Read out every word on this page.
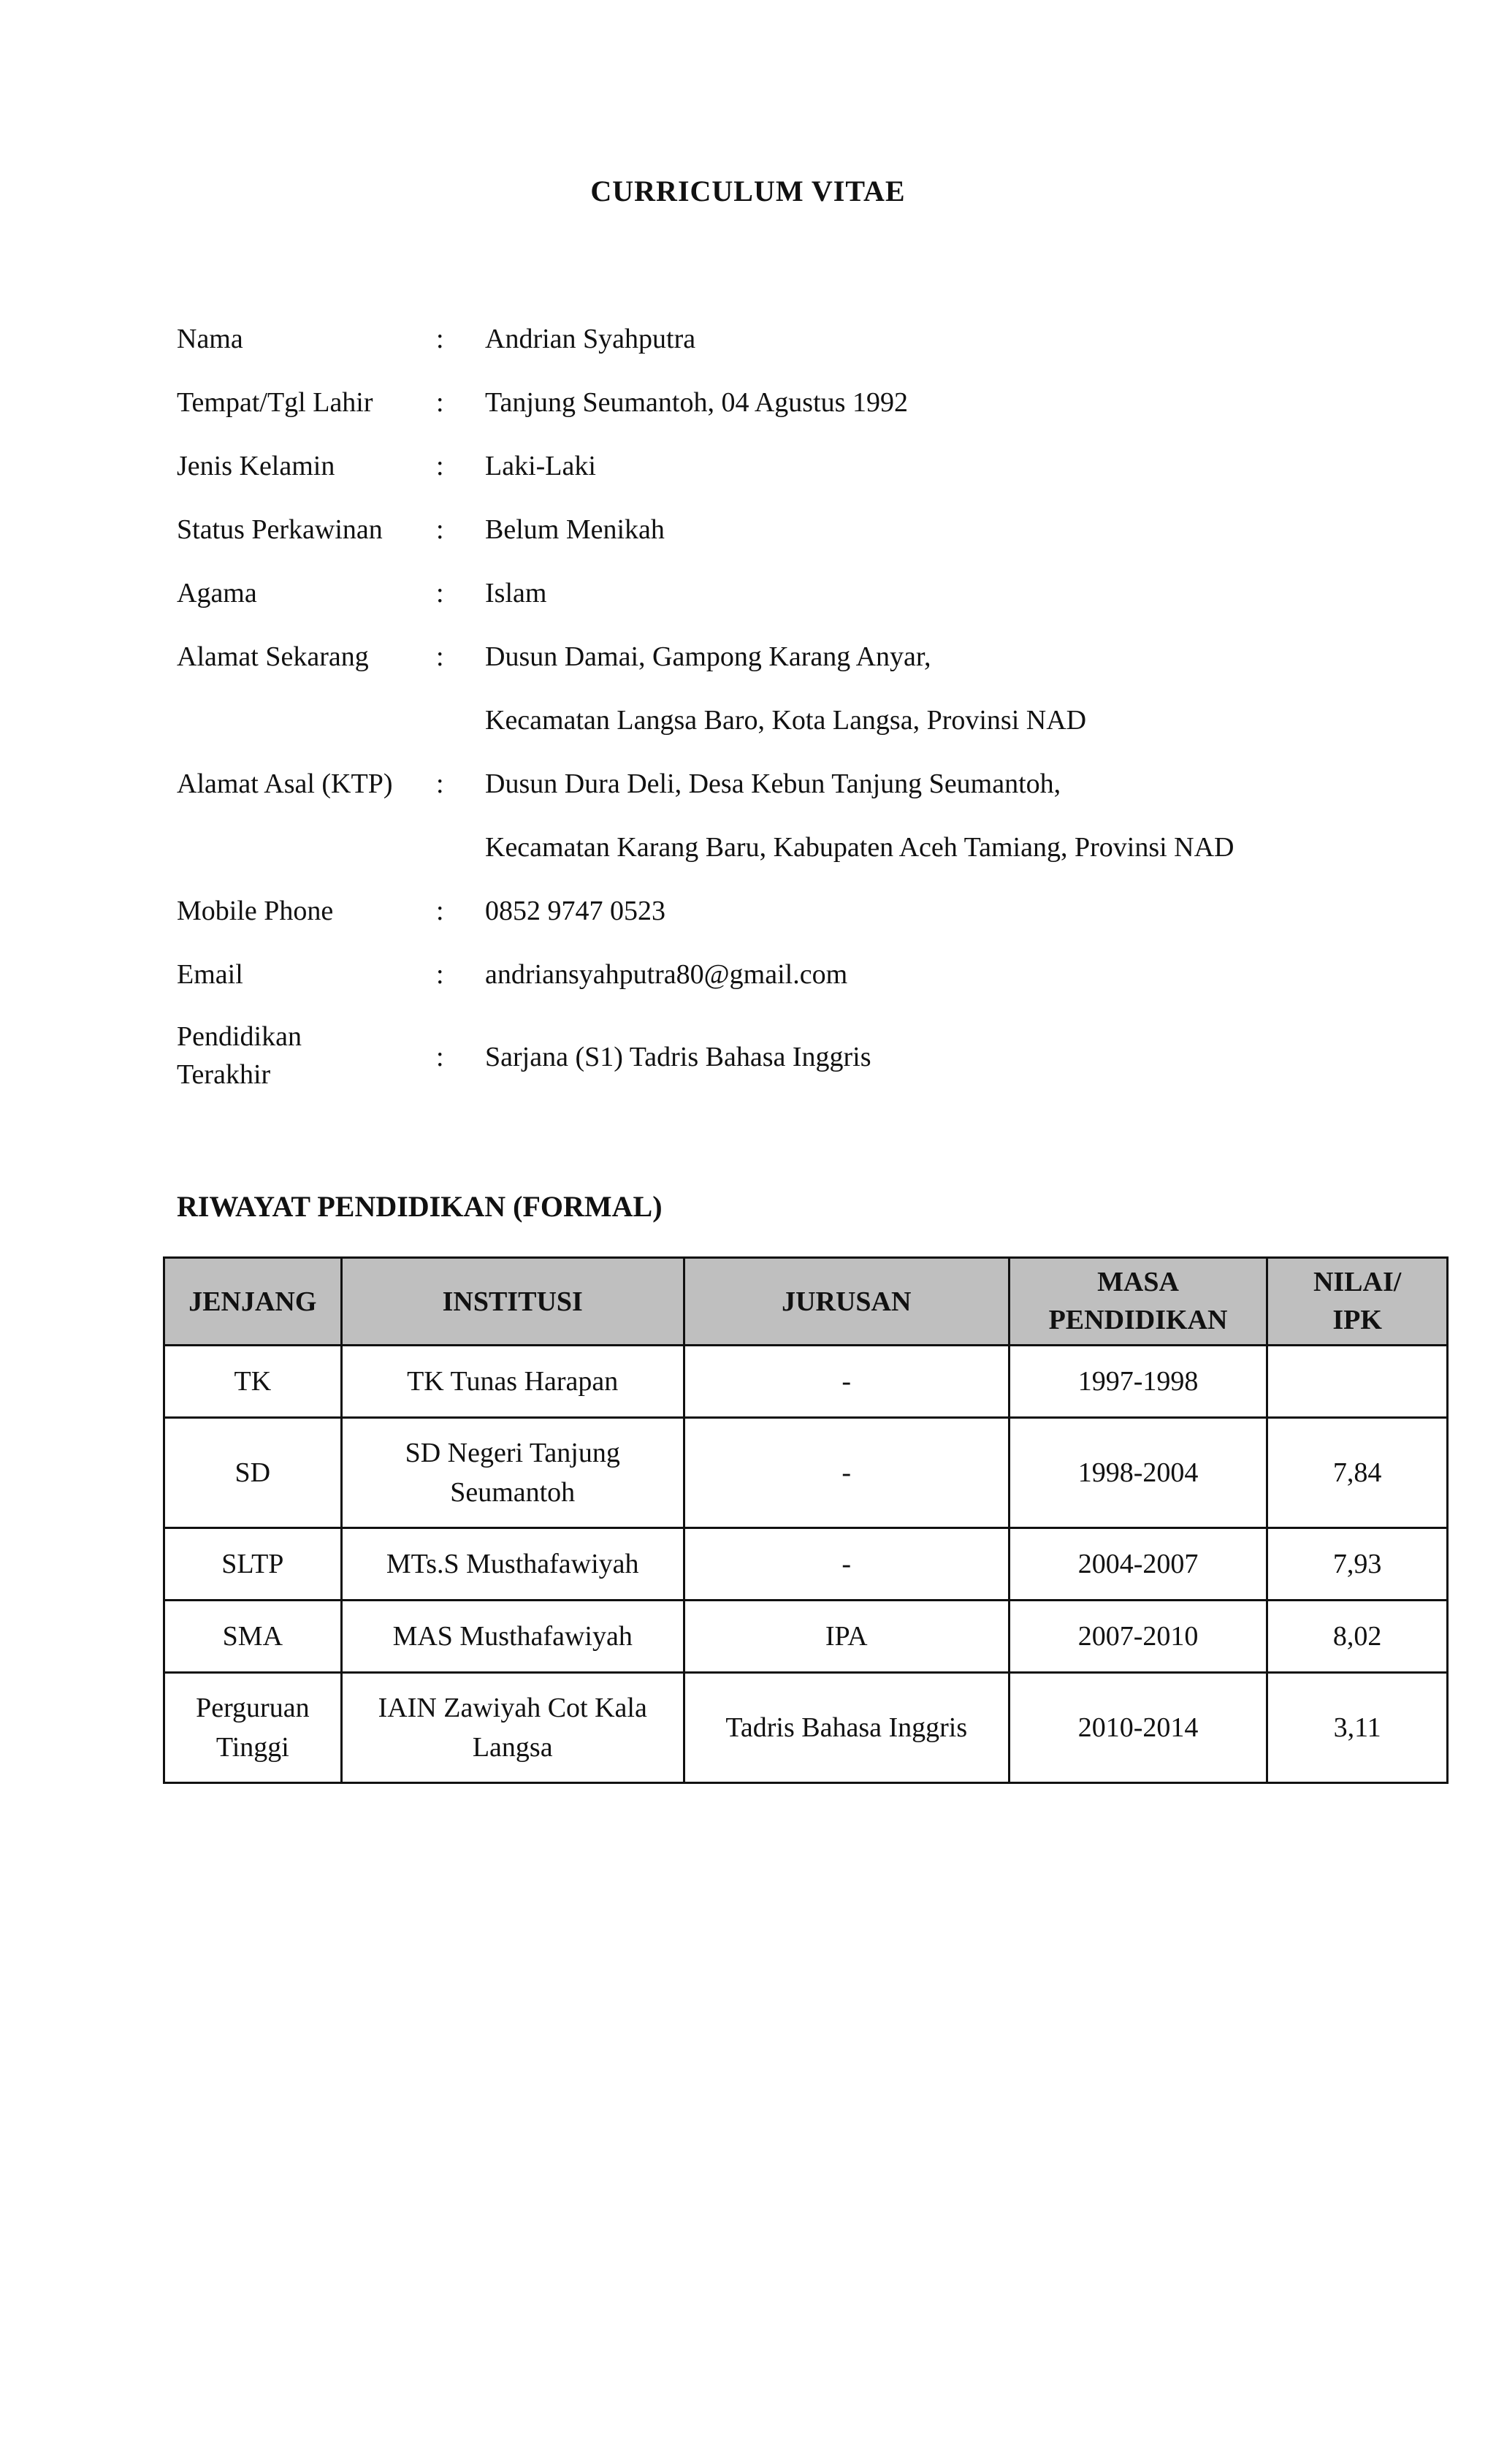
CURRICULUM VITAE
Nama	: Andrian Syahputra
Tempat/Tgl Lahir	: Tanjung Seumantoh, 04 Agustus 1992
Jenis Kelamin	: Laki-Laki
Status Perkawinan	: Belum Menikah
Agama	: Islam
Alamat Sekarang	: Dusun Damai, Gampong Karang Anyar,
Kecamatan Langsa Baro, Kota Langsa, Provinsi NAD
Alamat Asal (KTP)	: Dusun Dura Deli, Desa Kebun Tanjung Seumantoh,
Kecamatan Karang Baru, Kabupaten Aceh Tamiang, Provinsi NAD
Mobile Phone	: 0852 9747 0523
Email	: andriansyahputra80@gmail.com
Pendidikan Terakhir
: Sarjana (S1) Tadris Bahasa Inggris
RIWAYAT PENDIDIKAN (FORMAL)
JENJANG	INSTITUSI	JURUSAN	MASA PENDIDIKAN	NILAI/ IPK
TK	TK Tunas Harapan	-	1997-1998	
SD	SD Negeri Tanjung Seumantoh	-	1998-2004	7,84
SLTP	MTs.S Musthafawiyah	-	2004-2007	7,93
SMA	MAS Musthafawiyah	IPA	2007-2010	8,02
Perguruan Tinggi	IAIN Zawiyah Cot Kala Langsa	Tadris Bahasa Inggris	2010-2014	3,11
